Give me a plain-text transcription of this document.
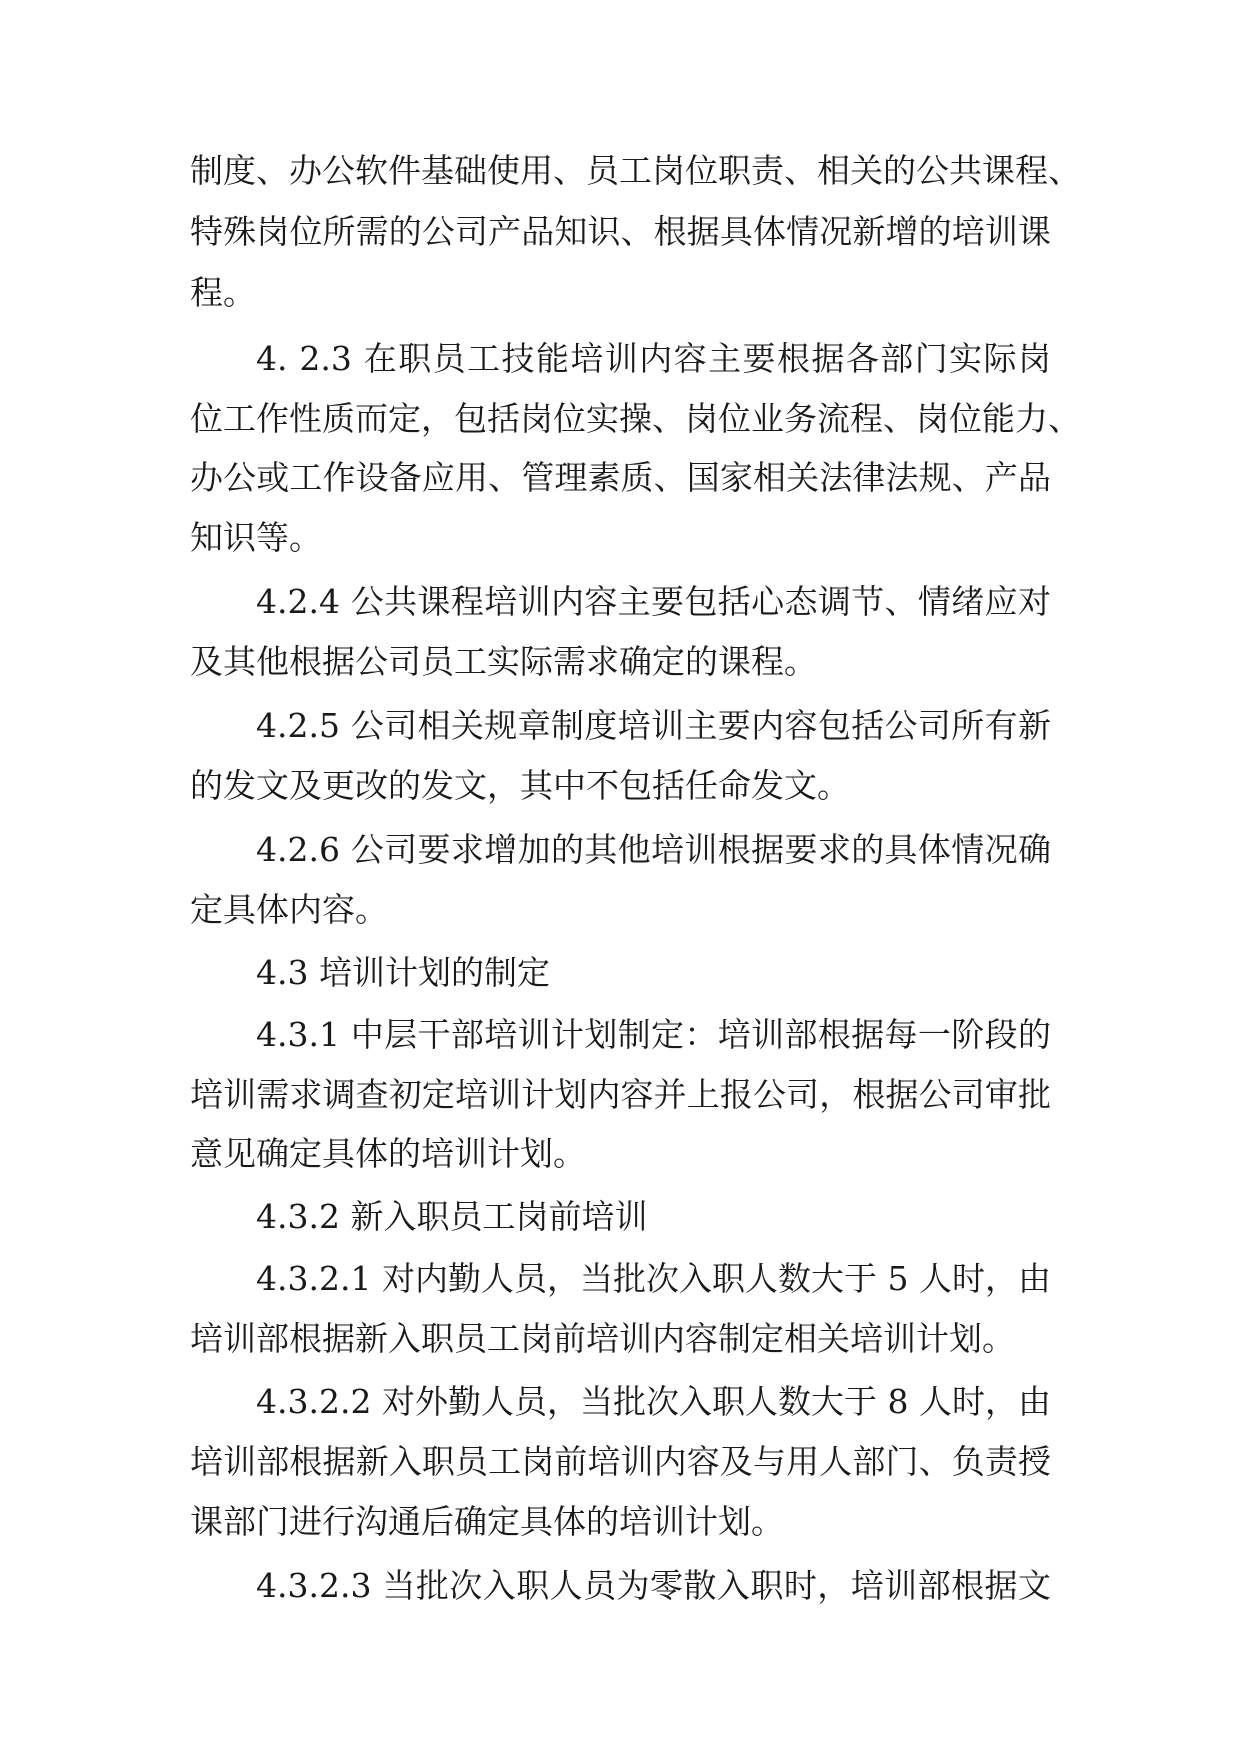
制度、办公软件基础使用、员工岗位职责、相关的公共课程、
特殊岗位所需的公司产品知识、根据具体情况新增的培训课
程。
4. 2.3 在职员工技能培训内容主要根据各部门实际岗
位工作性质而定，包括岗位实操、岗位业务流程、岗位能力、
办公或工作设备应用、管理素质、国家相关法律法规、产品
知识等。
4.2.4 公共课程培训内容主要包括心态调节、情绪应对
及其他根据公司员工实际需求确定的课程。
4.2.5 公司相关规章制度培训主要内容包括公司所有新
的发文及更改的发文，其中不包括任命发文。
4.2.6 公司要求增加的其他培训根据要求的具体情况确
定具体内容。
4.3 培训计划的制定
4.3.1 中层干部培训计划制定：培训部根据每一阶段的
培训需求调查初定培训计划内容并上报公司，根据公司审批
意见确定具体的培训计划。
4.3.2 新入职员工岗前培训
4.3.2.1 对内勤人员，当批次入职人数大于 5 人时，由
培训部根据新入职员工岗前培训内容制定相关培训计划。
4.3.2.2 对外勤人员，当批次入职人数大于 8 人时，由
培训部根据新入职员工岗前培训内容及与用人部门、负责授
课部门进行沟通后确定具体的培训计划。
4.3.2.3 当批次入职人员为零散入职时，培训部根据文
